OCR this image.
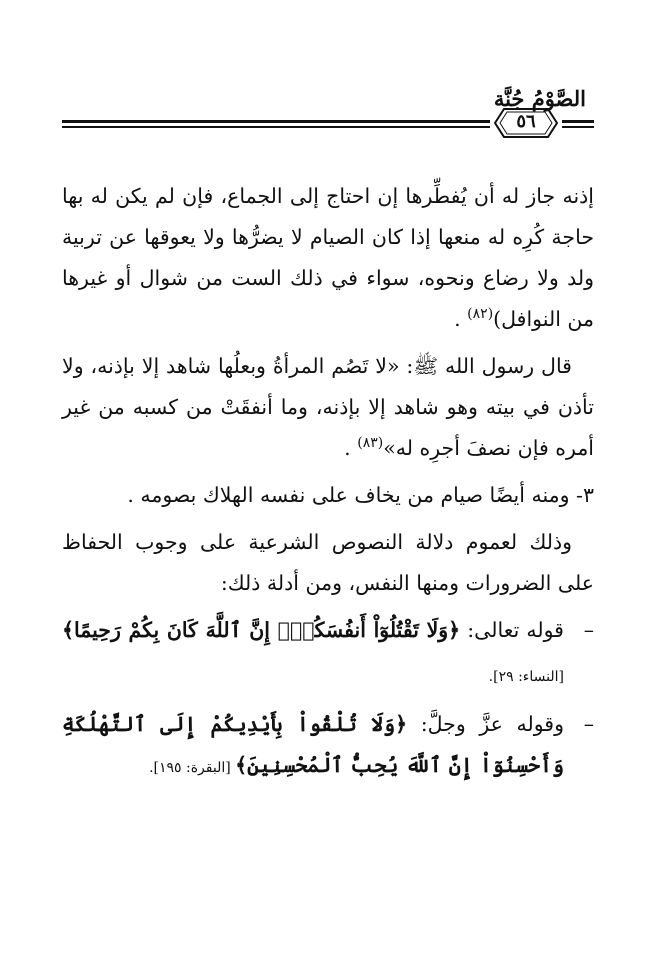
الصَّوْمُ جُنَّة
٥٦

إذنه جاز له أن يُفطِّرها إن احتاج إلى الجماع، فإن لم يكن له بها حاجة كُرِه له منعها إذا كان الصيام لا يضرُّها ولا يعوقها عن تربية ولد ولا رضاع ونحوه، سواء في ذلك الست من شوال أو غيرها من النوافل)$^{(٨٢)}$ .

قال رسول الله ﷺ: «لا تَصُم المرأةُ وبعلُها شاهد إلا بإذنه، ولا تأذن في بيته وهو شاهد إلا بإذنه، وما أنفقَتْ من كسبه من غير أمره فإن نصفَ أجرِه له»$^{(٨٣)}$ .

٣- ومنه أيضًا صيام من يخاف على نفسه الهلاك بصومه .

وذلك لعموم دلالة النصوص الشرعية على وجوب الحفاظ على الضرورات ومنها النفس، ومن أدلة ذلك:

–
قوله تعالى: ﴿وَلَا تَقْتُلُوٓاْ أَنفُسَكُمْۚ إِنَّ ٱللَّهَ كَانَ بِكُمْ رَحِيمًا﴾ [النساء: ٢٩].
–
وقوله عزَّ وجلَّ: ﴿وَلَا تُلْقُواْ بِأَيْدِيكُمْ إِلَى ٱلتَّهْلُكَةِ وَأَحْسِنُوٓاْ إِنَّ ٱللَّهَ يُحِبُّ ٱلْمُحْسِنِينَ﴾ [البقرة: ١٩٥].
